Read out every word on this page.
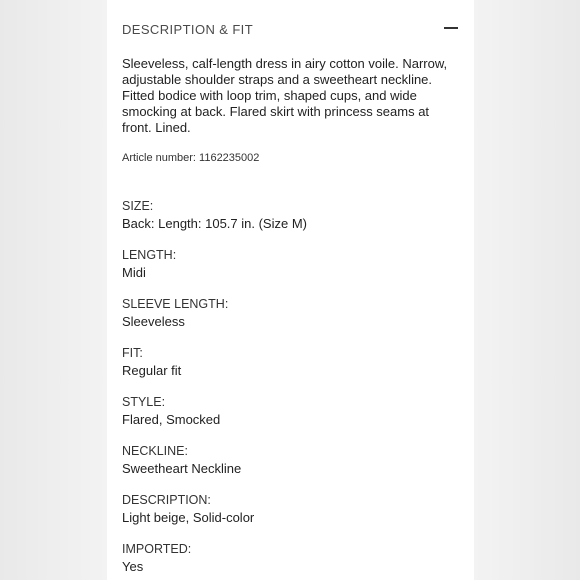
DESCRIPTION & FIT

Sleeveless, calf-length dress in airy cotton voile. Narrow, adjustable shoulder straps and a sweetheart neckline. Fitted bodice with loop trim, shaped cups, and wide smocking at back. Flared skirt with princess seams at front. Lined.

Article number: 1162235002
SIZE:
Back: Length: 105.7 in. (Size M)
LENGTH:
Midi
SLEEVE LENGTH:
Sleeveless
FIT:
Regular fit
STYLE:
Flared, Smocked
NECKLINE:
Sweetheart Neckline
DESCRIPTION:
Light beige, Solid-color
IMPORTED:
Yes
